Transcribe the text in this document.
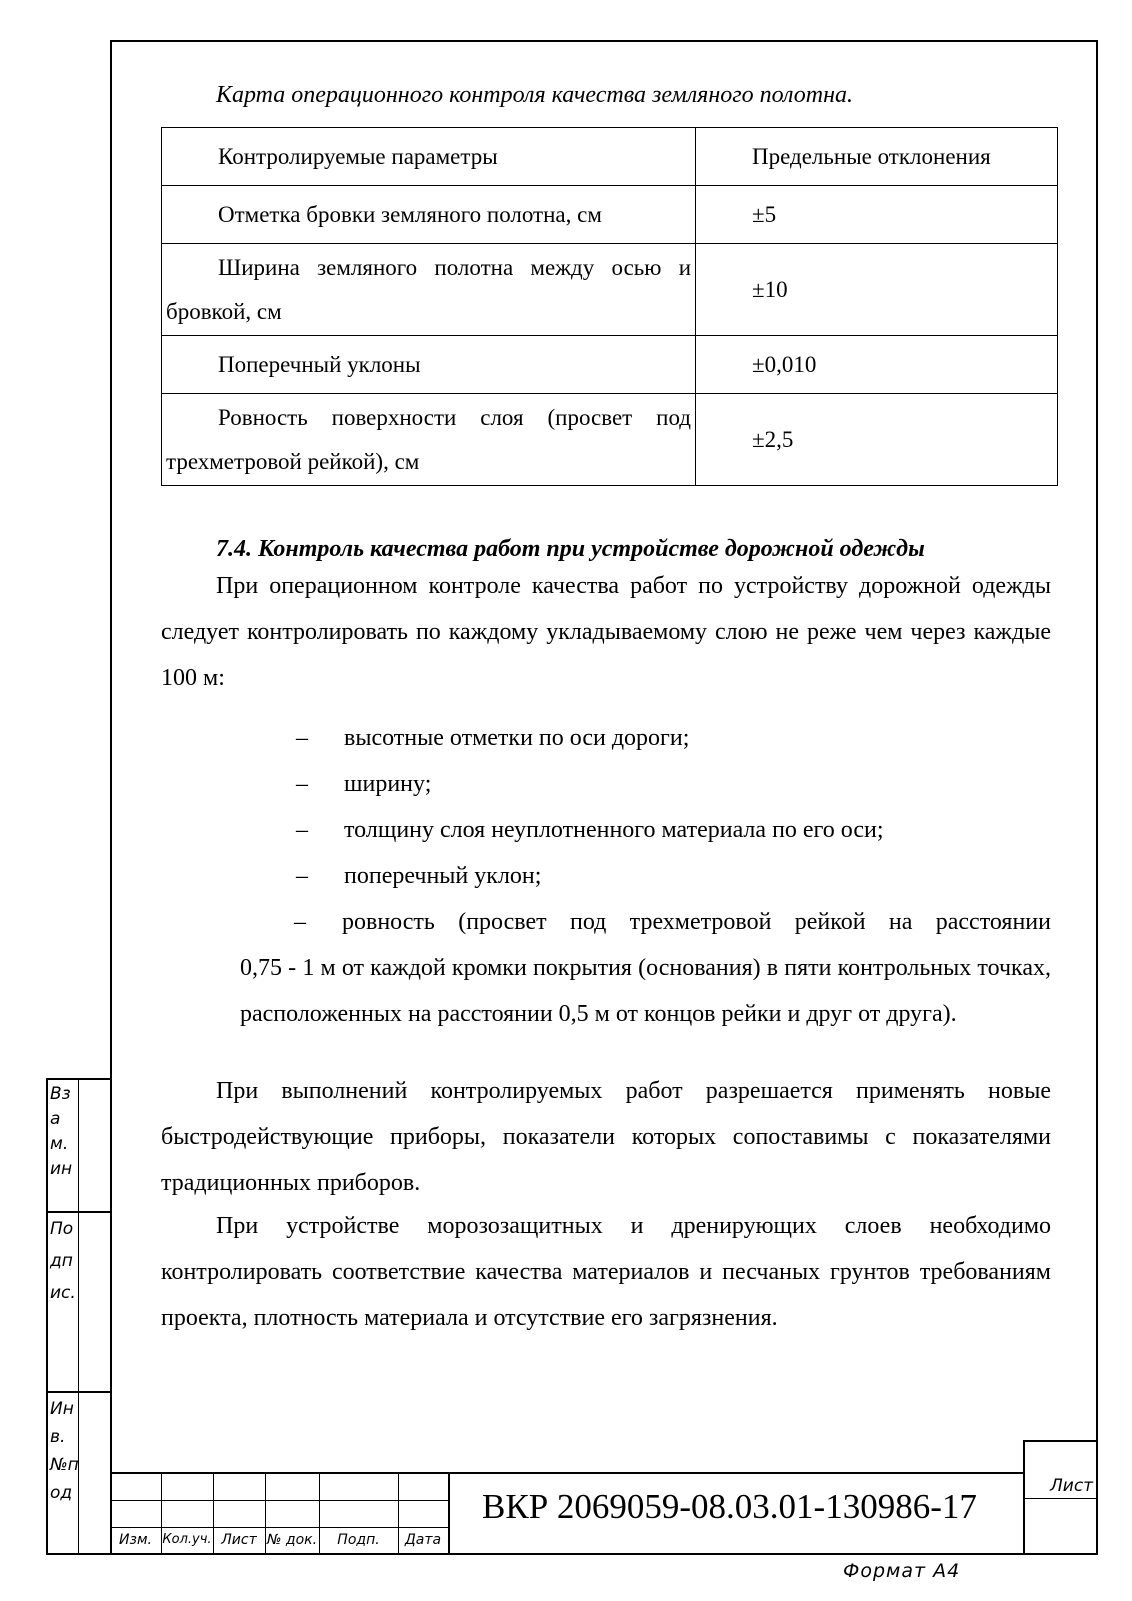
Карта операционного контроля качества земляного полотна.
Контролируемые параметры	Предельные отклонения
Отметка бровки земляного полотна, см	±5
Ширина земляного полотна между осью и бровкой, см	±10
Поперечный уклоны	±0,010
Ровность поверхности слоя (просвет под трехметровой рейкой), см	±2,5
7.4. Контроль качества работ при устройстве дорожной одежды

При операционном контроле качества работ по устройству дорожной одежды следует контролировать по каждому укладываемому слою не реже чем через каждые 100 м:

– высотные отметки по оси дороги;
– ширину;
– толщину слоя неуплотненного материала по его оси;
– поперечный уклон;
– ровность (просвет под трехметровой рейкой на расстоянии
0,75 - 1 м от каждой кромки покрытия (основания) в пяти контрольных точках, расположенных на расстоянии 0,5 м от концов рейки и друг от друга).

При выполнений контролируемых работ разрешается применять новые быстродействующие приборы, показатели которых сопоставимы с показателями традиционных приборов.

При устройстве морозозащитных и дренирующих слоев необходимо контролировать соответствие качества материалов и песчаных грунтов требованиям проекта, плотность материала и отсутствие его загрязнения.

Взам.ин
Подпис.
Инв.№под
Изм. Кол.уч. Лист № док.	Подп.	Дата
ВКР 2069059-08.03.01-130986-17
Лист
Формат А4
